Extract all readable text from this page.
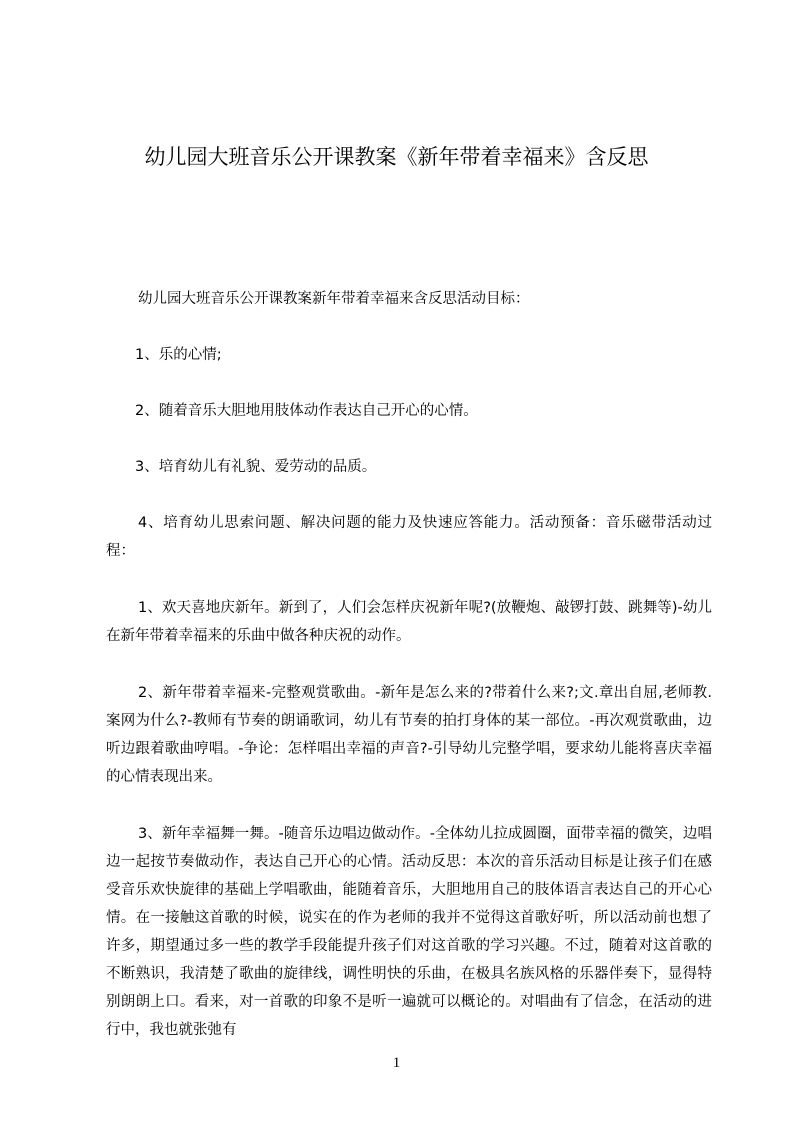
幼儿园大班音乐公开课教案《新年带着幸福来》含反思

幼儿园大班音乐公开课教案新年带着幸福来含反思活动目标：

1、乐的心情;

2、随着音乐大胆地用肢体动作表达自己开心的心情。

3、培育幼儿有礼貌、爱劳动的品质。

4、培育幼儿思索问题、解决问题的能力及快速应答能力。活动预备：音乐磁带活动过程：

1、欢天喜地庆新年。新到了，人们会怎样庆祝新年呢?(放鞭炮、敲锣打鼓、跳舞等)-幼儿在新年带着幸福来的乐曲中做各种庆祝的动作。

2、新年带着幸福来-完整观赏歌曲。-新年是怎么来的?带着什么来?;文.章出自屈,老师教.案网为什么?-教师有节奏的朗诵歌词，幼儿有节奏的拍打身体的某一部位。-再次观赏歌曲，边听边跟着歌曲哼唱。-争论：怎样唱出幸福的声音?-引导幼儿完整学唱，要求幼儿能将喜庆幸福的心情表现出来。

3、新年幸福舞一舞。-随音乐边唱边做动作。-全体幼儿拉成圆圈，面带幸福的微笑，边唱边一起按节奏做动作，表达自己开心的心情。活动反思：本次的音乐活动目标是让孩子们在感受音乐欢快旋律的基础上学唱歌曲，能随着音乐，大胆地用自己的肢体语言表达自己的开心心情。在一接触这首歌的时候，说实在的作为老师的我并不觉得这首歌好听，所以活动前也想了许多，期望通过多一些的教学手段能提升孩子们对这首歌的学习兴趣。不过，随着对这首歌的不断熟识，我清楚了歌曲的旋律线，调性明快的乐曲，在极具名族风格的乐器伴奏下，显得特别朗朗上口。看来，对一首歌的印象不是听一遍就可以概论的。对唱曲有了信念，在活动的进行中，我也就张弛有

1
